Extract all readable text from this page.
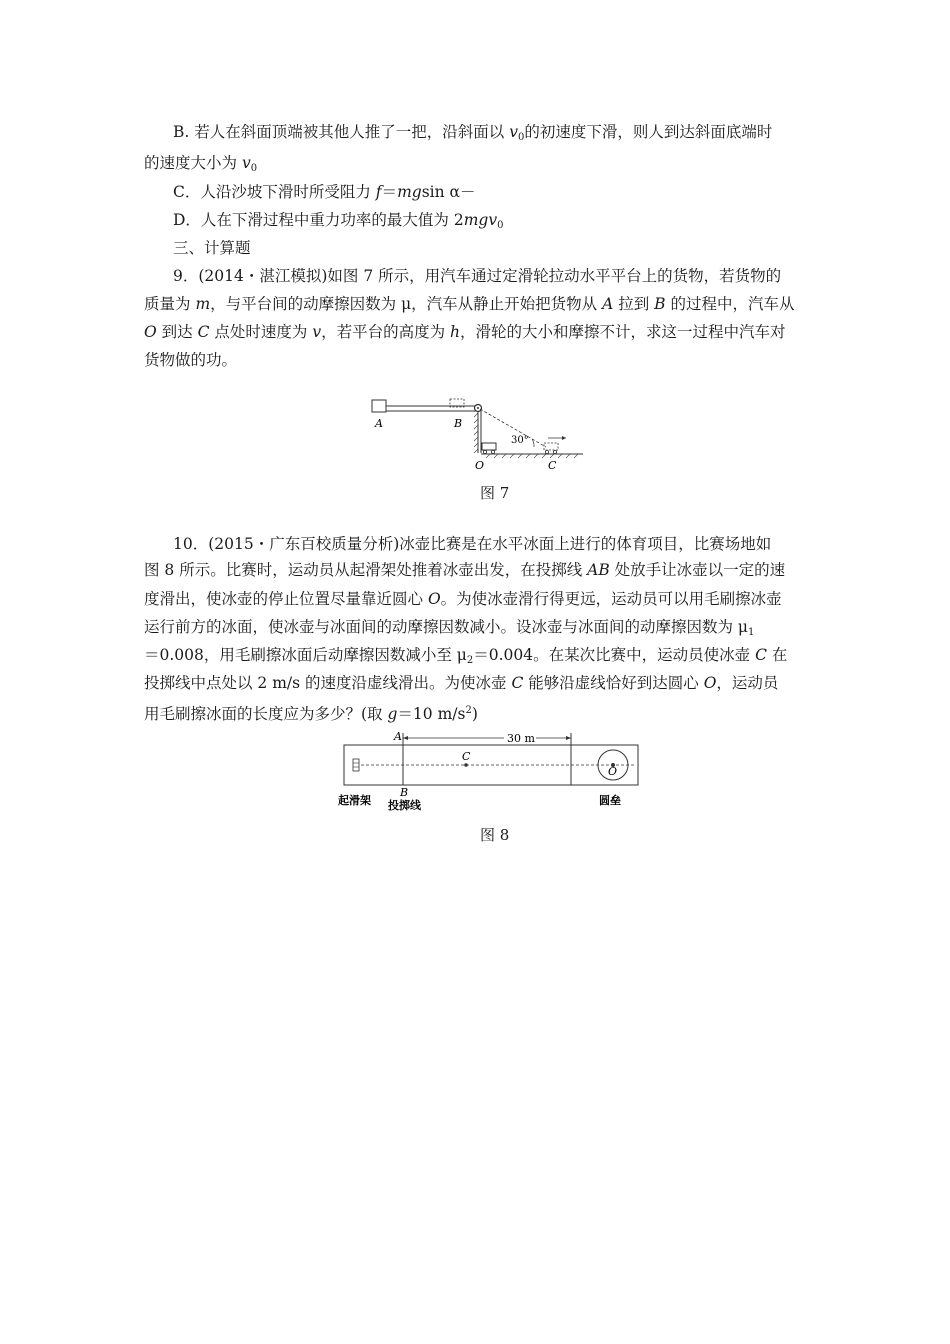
B. 若人在斜面顶端被其他人推了一把，沿斜面以 $v_0$的初速度下滑，则人到达斜面底端时
的速度大小为 $v_0$
C．人沿沙坡下滑时所受阻力 f＝mgsin α－
D．人在下滑过程中重力功率的最大值为 2mgv$_0$
三、计算题
9．(2014・湛江模拟)如图 7 所示，用汽车通过定滑轮拉动水平平台上的货物，若货物的
质量为 m，与平台间的动摩擦因数为 μ，汽车从静止开始把货物从 A 拉到 B 的过程中，汽车从
O 到达 C 点处时速度为 v，若平台的高度为 h，滑轮的大小和摩擦不计，求这一过程中汽车对
货物做的功。
30°
A	B
O	C
图 7
10．(2015・广东百校质量分析)冰壶比赛是在水平冰面上进行的体育项目，比赛场地如
图 8 所示。比赛时，运动员从起滑架处推着冰壶出发，在投掷线 AB 处放手让冰壶以一定的速
度滑出，使冰壶的停止位置尽量靠近圆心 O。为使冰壶滑行得更远，运动员可以用毛刷擦冰壶
运行前方的冰面，使冰壶与冰面间的动摩擦因数减小。设冰壶与冰面间的动摩擦因数为 $\mu_1$
＝0.008，用毛刷擦冰面后动摩擦因数减小至 $\mu_2=0.004$。在某次比赛中，运动员使冰壶 C 在
投掷线中点处以 2 m/s 的速度沿虚线滑出。为使冰壶 C 能够沿虚线恰好到达圆心 O，运动员
用毛刷擦冰面的长度应为多少？(取 g＝10 $m/s^2$)
30 m
C
A
B
O
起滑架 投掷线	圆垒
图 8
